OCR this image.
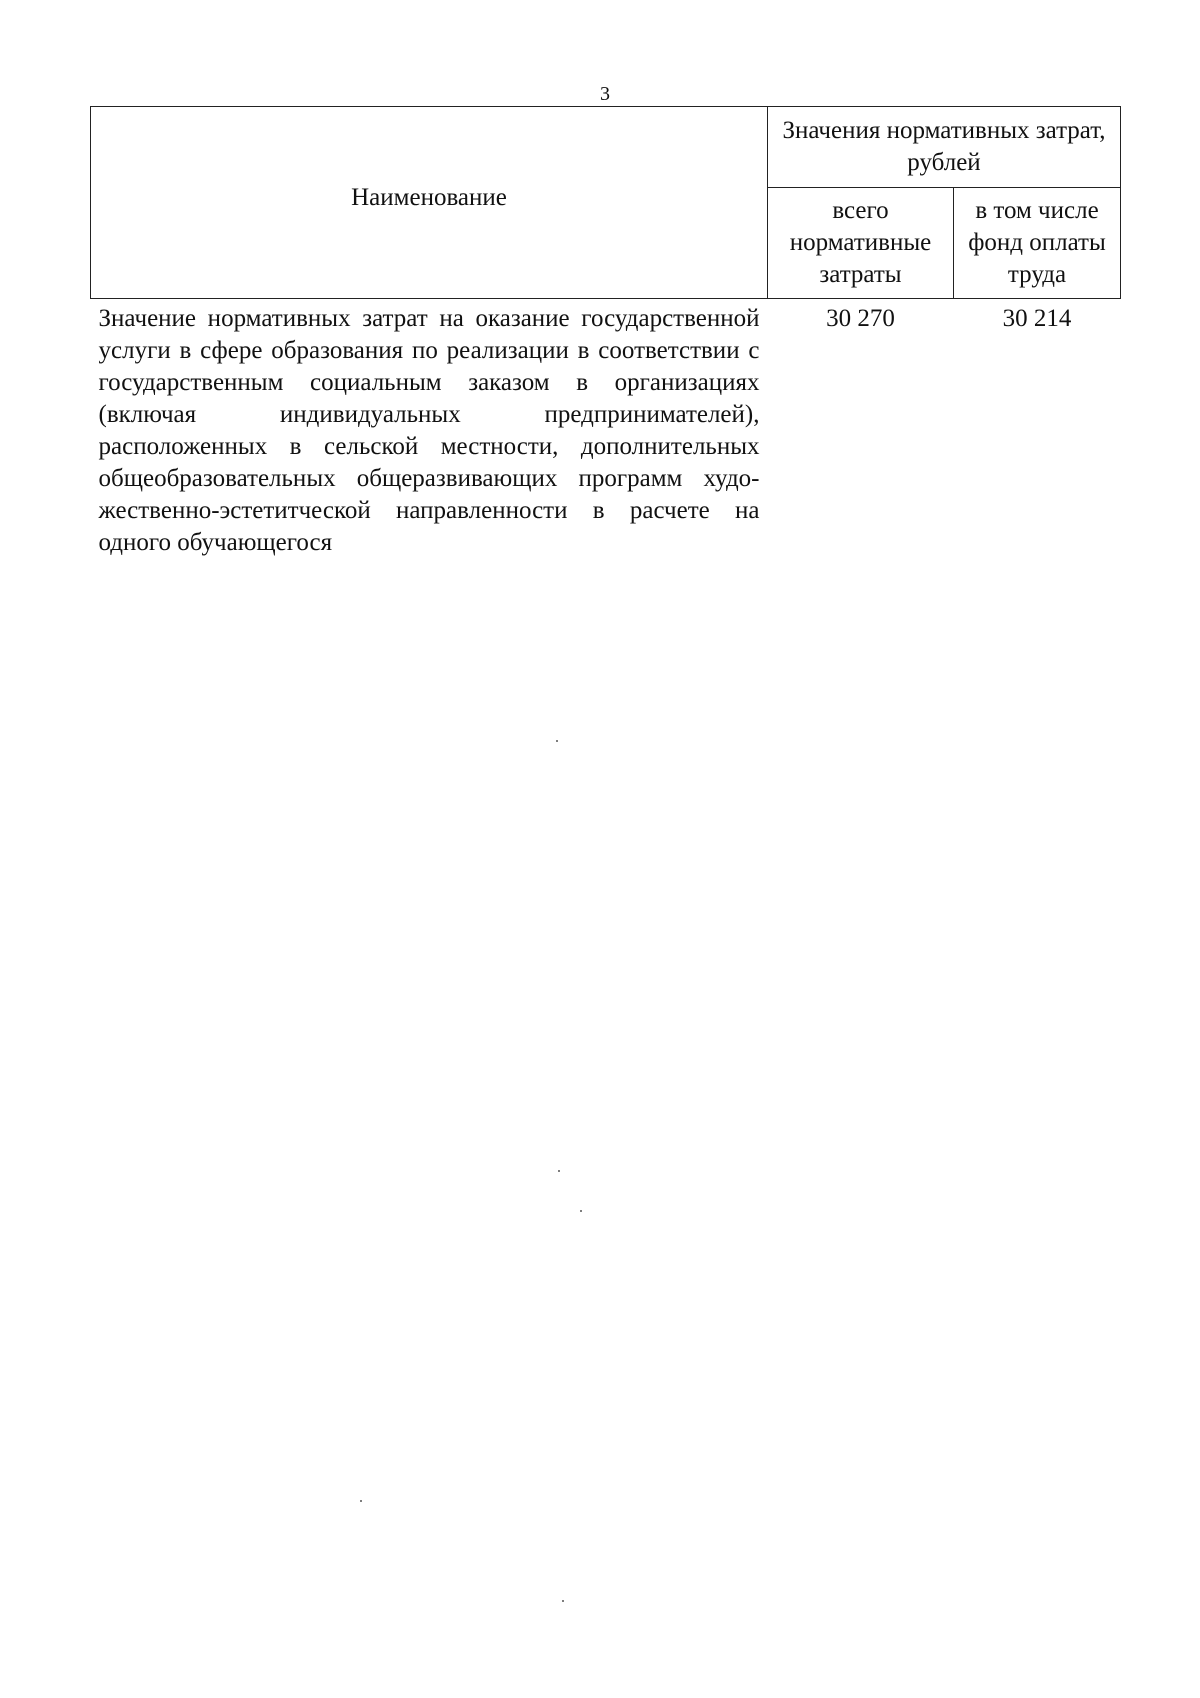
3
Наименование	Значения нормативных затрат, рублей	
	всего нормативные затраты	в том числе фонд оплаты труда
Значение нормативных затрат на оказание государственной услуги в сфере образования по реализации в соответствии с государственным социальным заказом в организациях (включая индивидуальных предпринимателей), расположенных в сельской местности, дополнительных общеобразовательных общеразвивающих программ художественно-эстетитческой направленности в расчете на одного обучающегося	30 270	30 214
